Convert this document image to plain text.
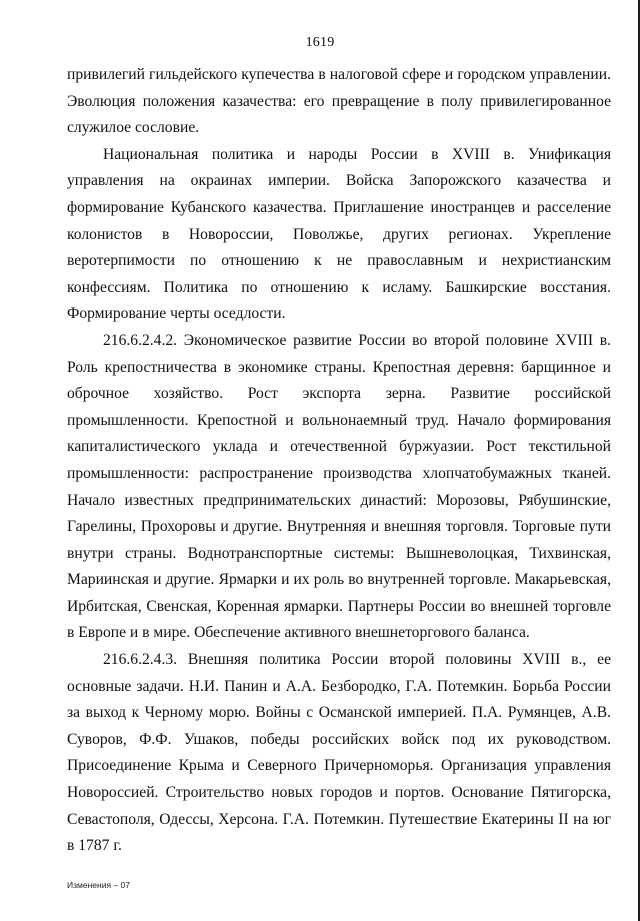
1619

привилегий гильдейского купечества в налоговой сфере и городском управлении. Эволюция положения казачества: его превращение в полу привилегированное служилое сословие.

Национальная политика и народы России в XVIII в. Унификация управления на окраинах империи. Войска Запорожского казачества и формирование Кубанского казачества. Приглашение иностранцев и расселение колонистов в Новороссии, Поволжье, других регионах. Укрепление веротерпимости по отношению к не православным и нехристианским конфессиям. Политика по отношению к исламу. Башкирские восстания. Формирование черты оседлости.

216.6.2.4.2. Экономическое развитие России во второй половине XVIII в. Роль крепостничества в экономике страны. Крепостная деревня: барщинное и оброчное хозяйство. Рост экспорта зерна. Развитие российской промышленности. Крепостной и вольнонаемный труд. Начало формирования капиталистического уклада и отечественной буржуазии. Рост текстильной промышленности: распространение производства хлопчатобумажных тканей. Начало известных предпринимательских династий: Морозовы, Рябушинские, Гарелины, Прохоровы и другие. Внутренняя и внешняя торговля. Торговые пути внутри страны. Воднотранспортные системы: Вышневолоцкая, Тихвинская, Мариинская и другие. Ярмарки и их роль во внутренней торговле. Макарьевская, Ирбитская, Свенская, Коренная ярмарки. Партнеры России во внешней торговле в Европе и в мире. Обеспечение активного внешнеторгового баланса.

216.6.2.4.3. Внешняя политика России второй половины XVIII в., ее основные задачи. Н.И. Панин и А.А. Безбородко, Г.А. Потемкин. Борьба России за выход к Черному морю. Войны с Османской империей. П.А. Румянцев, А.В. Суворов, Ф.Ф. Ушаков, победы российских войск под их руководством. Присоединение Крыма и Северного Причерноморья. Организация управления Новороссией. Строительство новых городов и портов. Основание Пятигорска, Севастополя, Одессы, Херсона. Г.А. Потемкин. Путешествие Екатерины II на юг в 1787 г.

Изменения – 07
